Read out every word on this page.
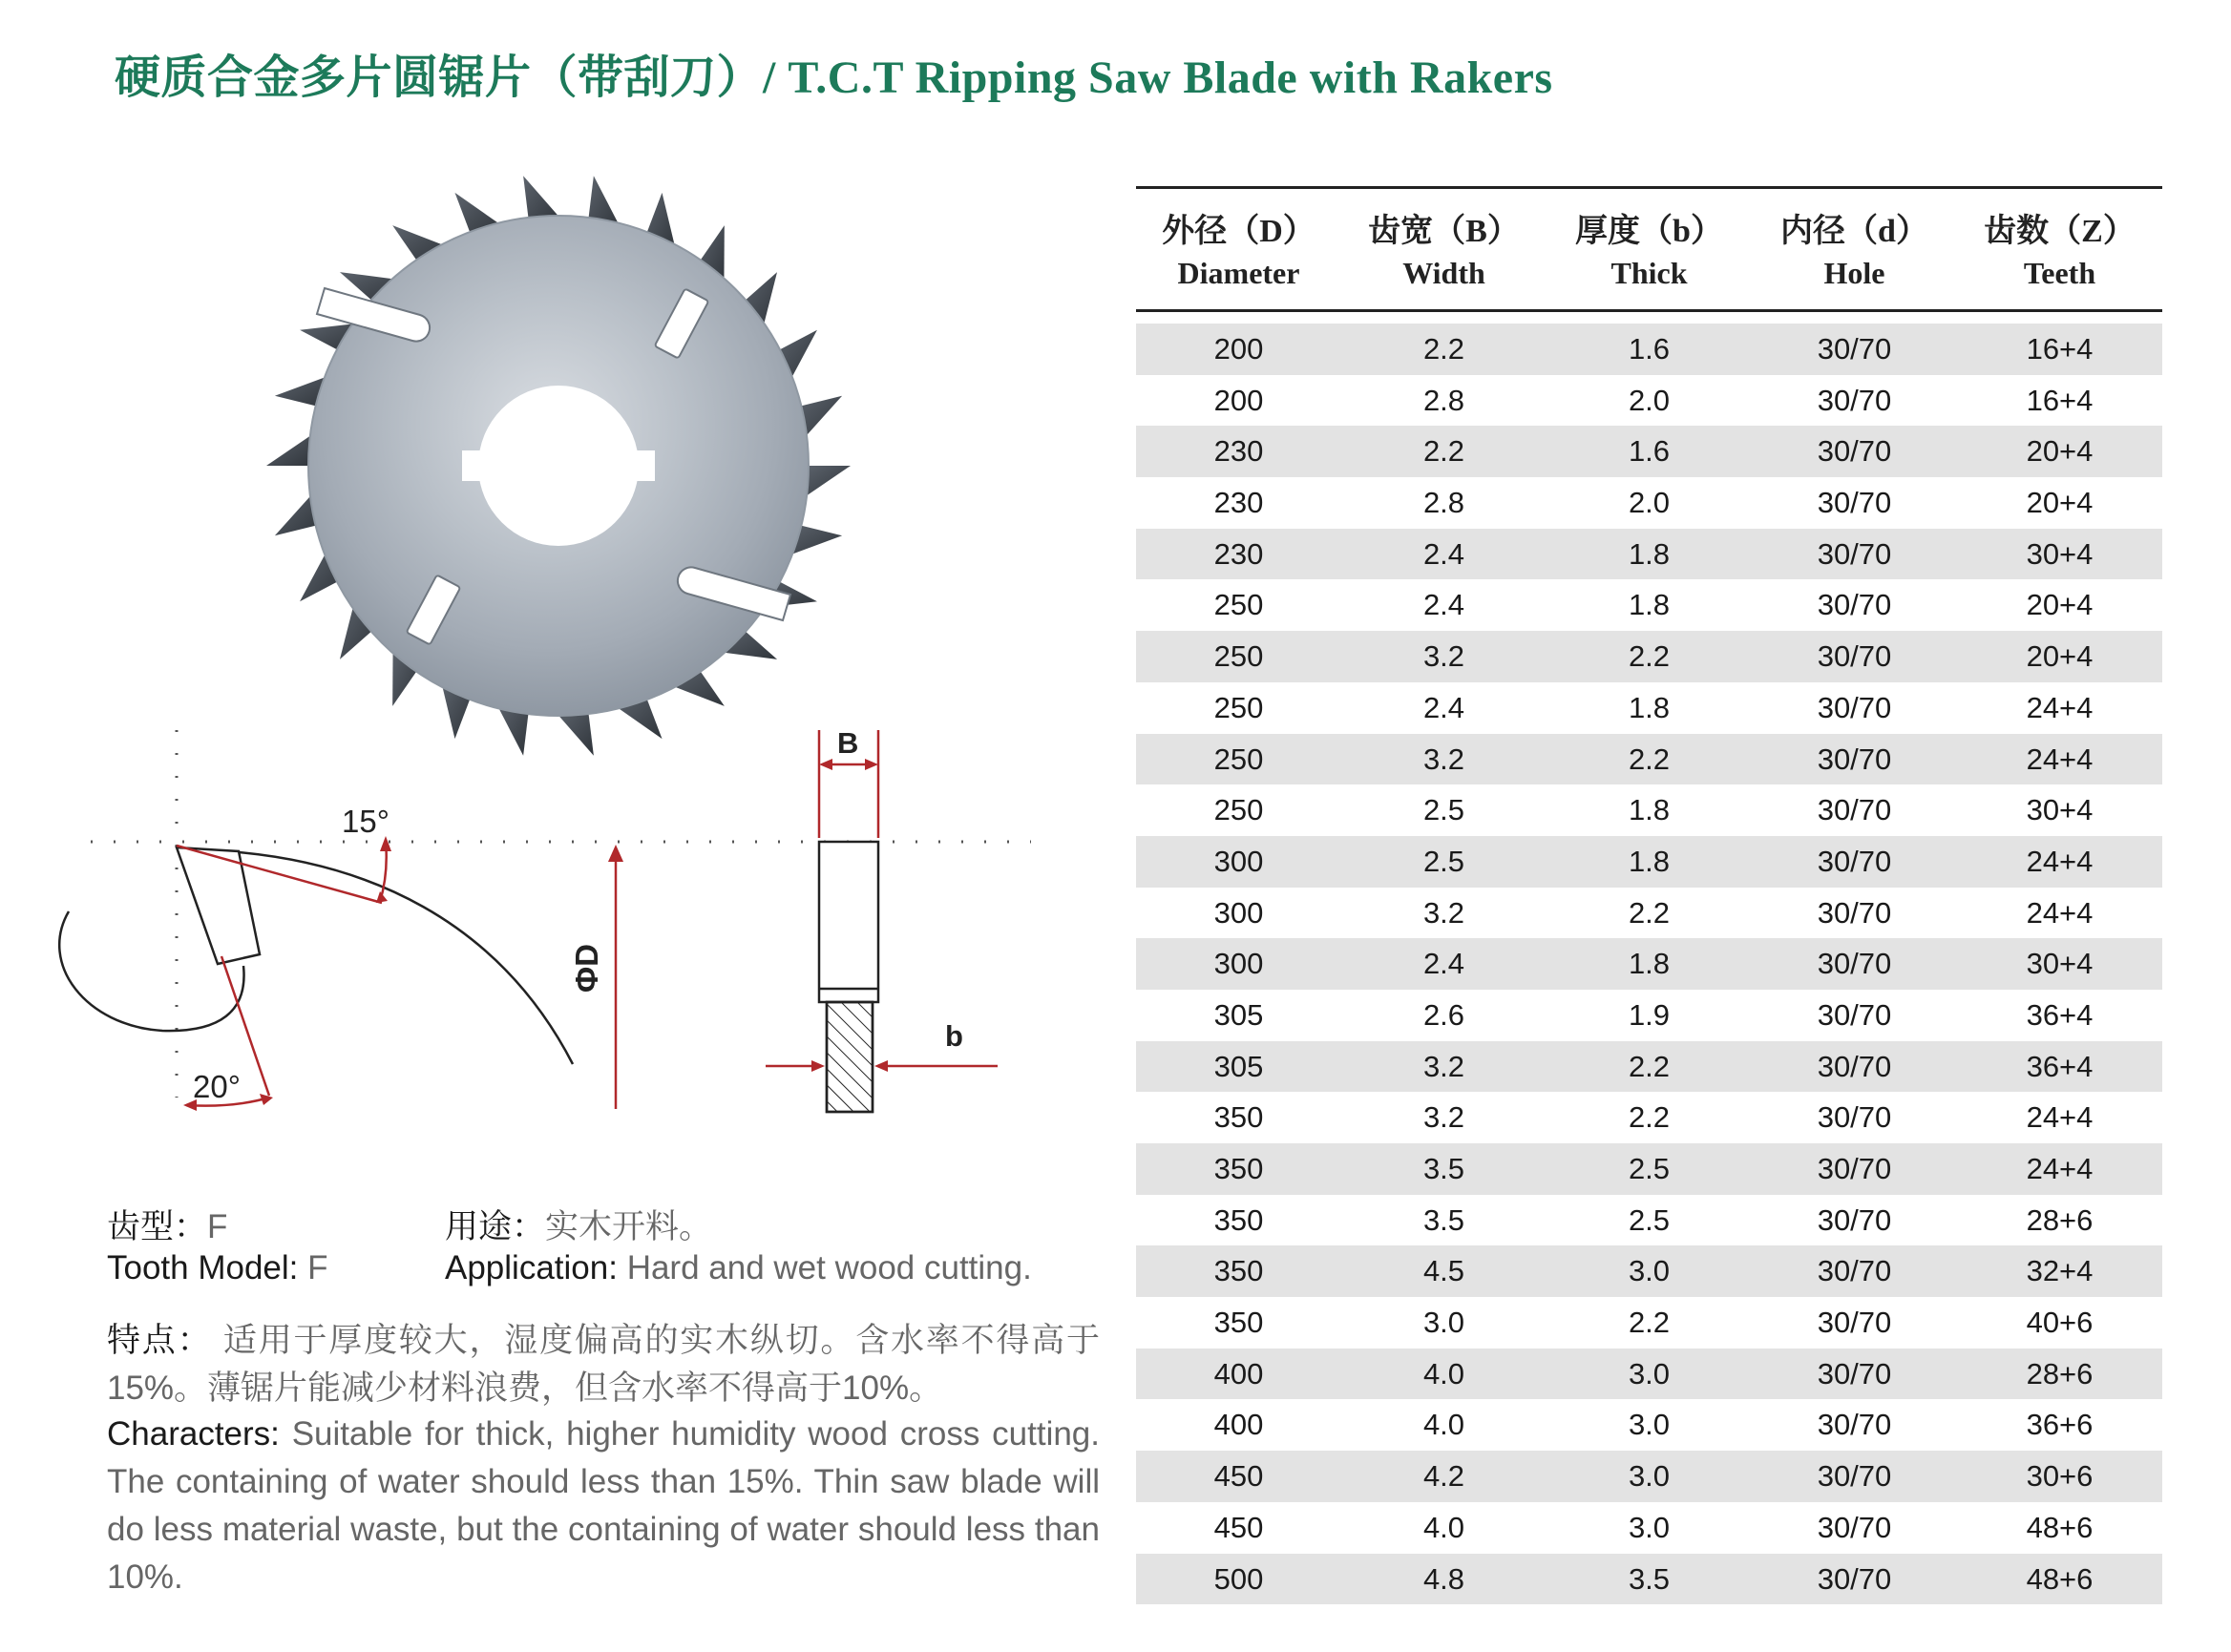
硬质合金多片圆锯片（带刮刀）/ T.C.T Ripping Saw Blade with Rakers
15°
20°
ΦD
B
b
外径（D）
Diameter
齿宽（B）
Width
厚度（b）
Thick
内径（d）
Hole
齿数（Z）
Teeth
200	2.2	1.6	30/70	16+4
200	2.8	2.0	30/70	16+4
230	2.2	1.6	30/70	20+4
230	2.8	2.0	30/70	20+4
230	2.4	1.8	30/70	30+4
250	2.4	1.8	30/70	20+4
250	3.2	2.2	30/70	20+4
250	2.4	1.8	30/70	24+4
250	3.2	2.2	30/70	24+4
250	2.5	1.8	30/70	30+4
300	2.5	1.8	30/70	24+4
300	3.2	2.2	30/70	24+4
300	2.4	1.8	30/70	30+4
305	2.6	1.9	30/70	36+4
305	3.2	2.2	30/70	36+4
350	3.2	2.2	30/70	24+4
350	3.5	2.5	30/70	24+4
350	3.5	2.5	30/70	28+6
350	4.5	3.0	30/70	32+4
350	3.0	2.2	30/70	40+6
400	4.0	3.0	30/70	28+6
400	4.0	3.0	30/70	36+6
450	4.2	3.0	30/70	30+6
450	4.0	3.0	30/70	48+6
500	4.8	3.5	30/70	48+6
齿型：F
Tooth Model: F
用途：实木开料。
Application: Hard and wet wood cutting.
特点： 适用于厚度较大，湿度偏高的实木纵切。含水率不得高于15%。薄锯片能减少材料浪费，但含水率不得高于10%。
Characters: Suitable for thick, higher humidity wood cross cutting. The containing of water should less than 15%. Thin saw blade will do less material waste, but the containing of water should less than 10%.
